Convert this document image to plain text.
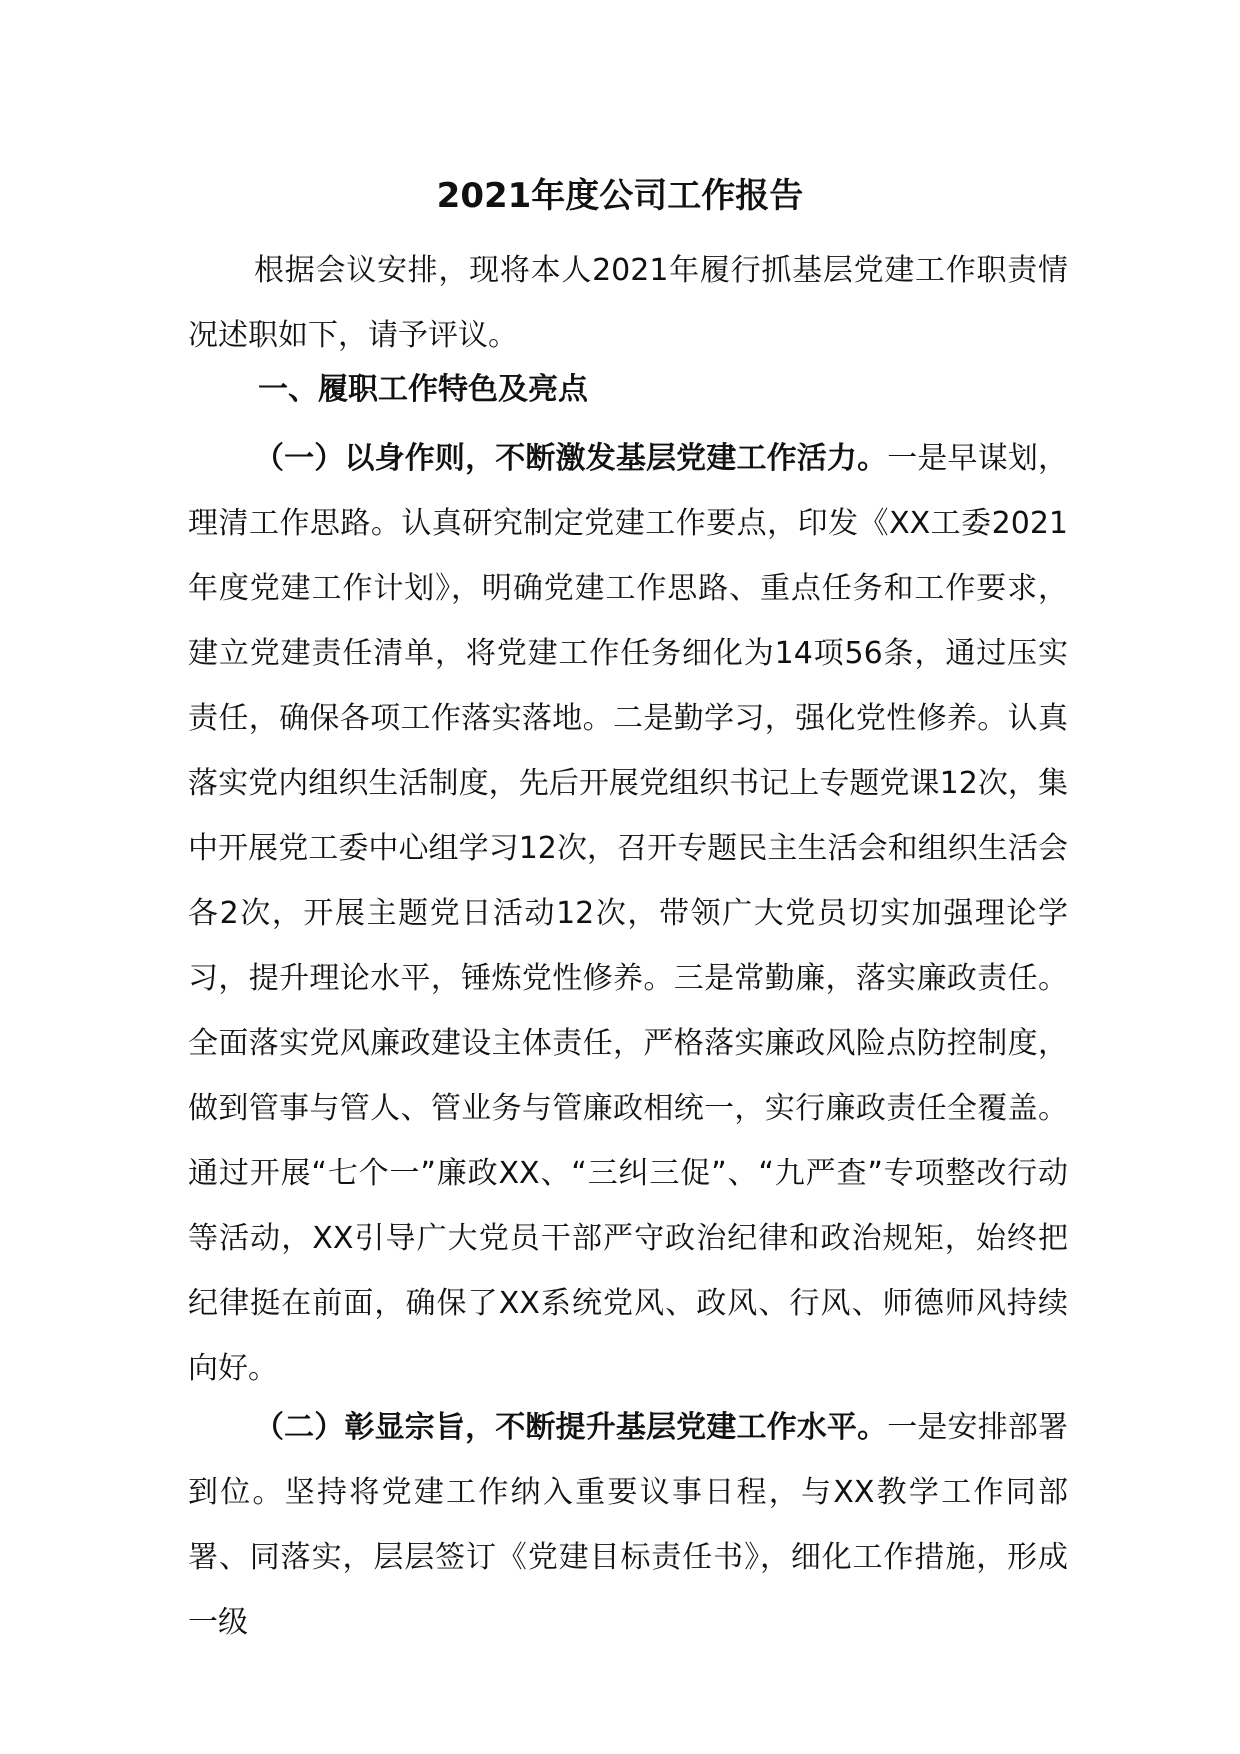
2021年度公司工作报告

根据会议安排，现将本人2021年履行抓基层党建工作职责情况述职如下，请予评议。

一、履职工作特色及亮点

（一）以身作则，不断激发基层党建工作活力。一是早谋划，理清工作思路。认真研究制定党建工作要点，印发《XX工委2021年度党建工作计划》，明确党建工作思路、重点任务和工作要求，建立党建责任清单，将党建工作任务细化为14项56条，通过压实责任，确保各项工作落实落地。二是勤学习，强化党性修养。认真落实党内组织生活制度，先后开展党组织书记上专题党课12次，集中开展党工委中心组学习12次，召开专题民主生活会和组织生活会各2次，开展主题党日活动12次，带领广大党员切实加强理论学习，提升理论水平，锤炼党性修养。三是常勤廉，落实廉政责任。全面落实党风廉政建设主体责任，严格落实廉政风险点防控制度，做到管事与管人、管业务与管廉政相统一，实行廉政责任全覆盖。通过开展“七个一”廉政XX、“三纠三促”、“九严查”专项整改行动等活动，XX引导广大党员干部严守政治纪律和政治规矩，始终把纪律挺在前面，确保了XX系统党风、政风、行风、师德师风持续向好。

（二）彰显宗旨，不断提升基层党建工作水平。一是安排部署到位。坚持将党建工作纳入重要议事日程，与XX教学工作同部署、同落实，层层签订《党建目标责任书》，细化工作措施，形成一级
